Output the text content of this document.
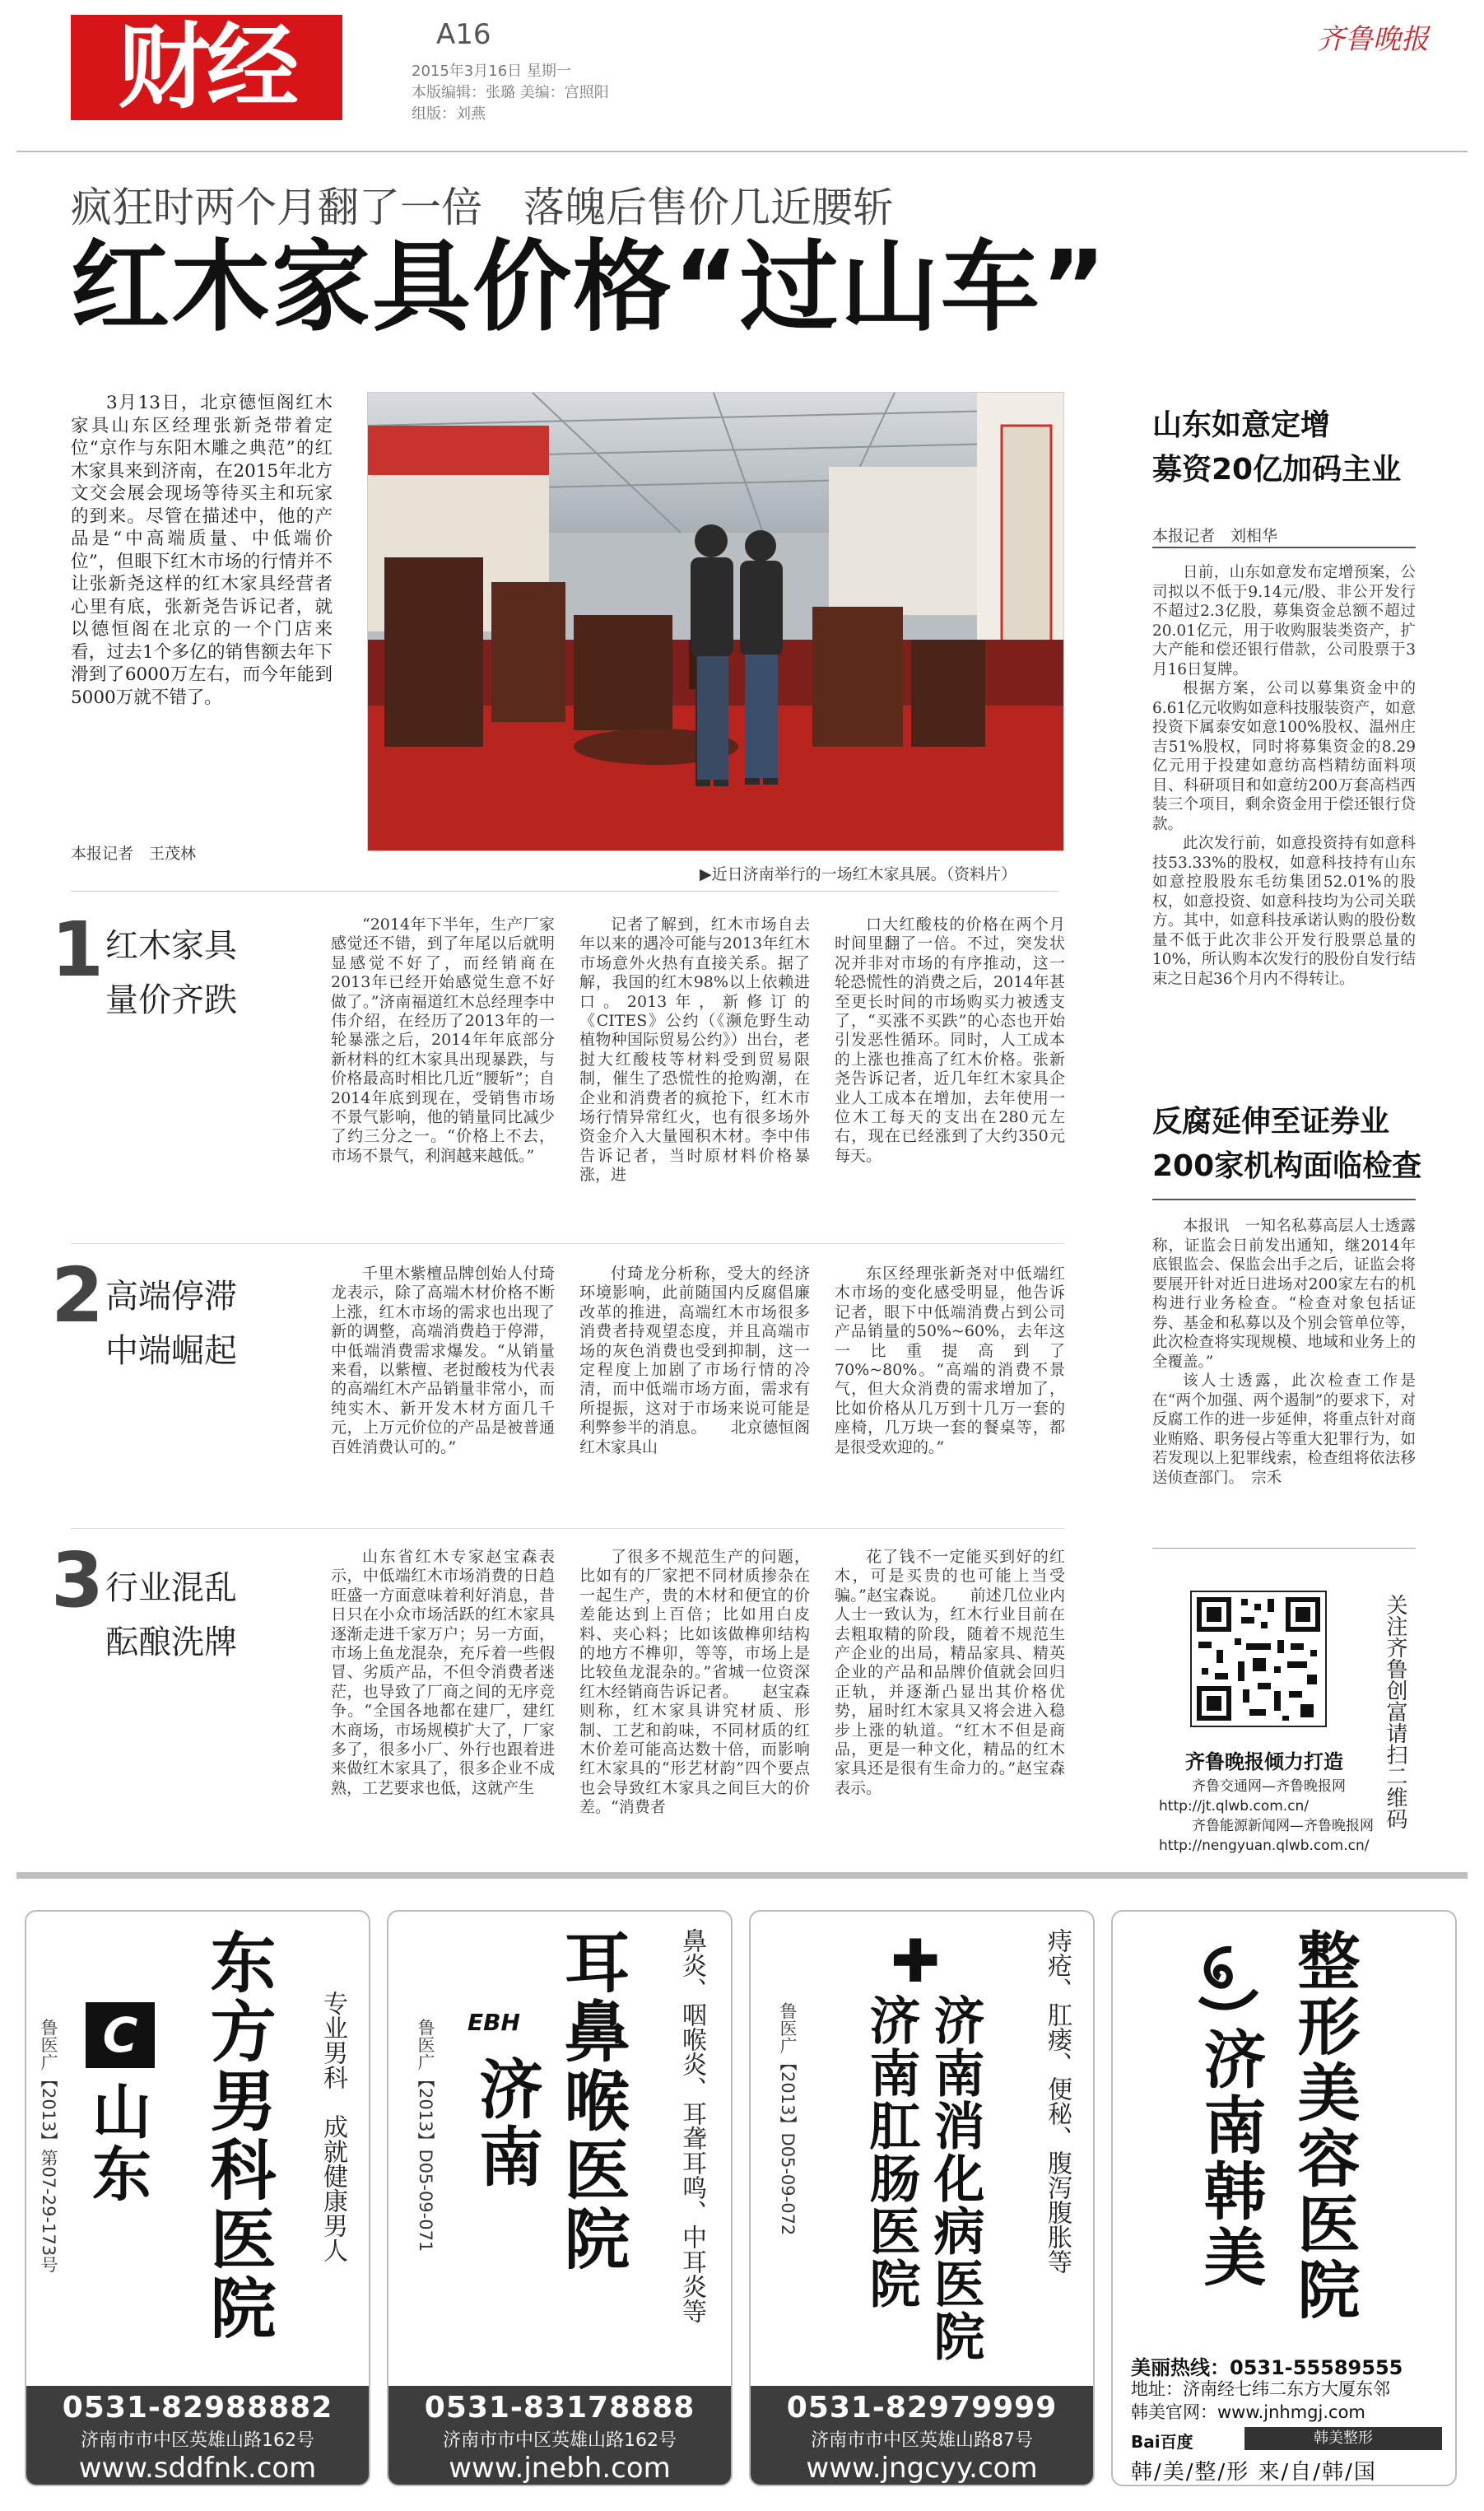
财经	A16
2015年3月16日 星期一
本版编辑：张璐 美编：宫照阳
组版：刘燕
齐鲁晚报
疯狂时两个月翻了一倍　落魄后售价几近腰斩
红木家具价格“过山车”
3月13日，北京德恒阁红木家具山东区经理张新尧带着定位“京作与东阳木雕之典范”的红木家具来到济南，在2015年北方文交会展会现场等待买主和玩家的到来。尽管在描述中，他的产品是“中高端质量、中低端价位”，但眼下红木市场的行情并不让张新尧这样的红木家具经营者心里有底，张新尧告诉记者，就以德恒阁在北京的一个门店来看，过去1个多亿的销售额去年下滑到了6000万左右，而今年能到5000万就不错了。
本报记者　王茂林
▶近日济南举行的一场红木家具展。（资料片）
1 红木家具
量价齐跌

“2014年下半年，生产厂家感觉还不错，到了年尾以后就明显感觉不好了，而经销商在2013年已经开始感觉生意不好做了。”济南福道红木总经理李中伟介绍，在经历了2013年的一轮暴涨之后，2014年年底部分新材料的红木家具出现暴跌，与价格最高时相比几近“腰斩”；自2014年底到现在，受销售市场不景气影响，他的销量同比减少了约三分之一。“价格上不去，市场不景气，利润越来越低。”

记者了解到，红木市场自去年以来的遇冷可能与2013年红木市场意外火热有直接关系。据了解，我国的红木98%以上依赖进口。2013年，新修订的《CITES》公约（《濒危野生动植物种国际贸易公约》）出台，老挝大红酸枝等材料受到贸易限制，催生了恐慌性的抢购潮，在企业和消费者的疯抢下，红木市场行情异常红火，也有很多场外资金介入大量囤积木材。李中伟告诉记者，当时原材料价格暴涨，进

口大红酸枝的价格在两个月时间里翻了一倍。不过，突发状况并非对市场的有序推动，这一轮恐慌性的消费之后，2014年甚至更长时间的市场购买力被透支了，“买涨不买跌”的心态也开始引发恶性循环。同时，人工成本的上涨也推高了红木价格。张新尧告诉记者，近几年红木家具企业人工成本在增加，去年使用一位木工每天的支出在280元左右，现在已经涨到了大约350元每天。

2 高端停滞
中端崛起

千里木紫檀品牌创始人付琦龙表示，除了高端木材价格不断上涨，红木市场的需求也出现了新的调整，高端消费趋于停滞，中低端消费需求爆发。“从销量来看，以紫檀、老挝酸枝为代表的高端红木产品销量非常小，而纯实木、新开发木材方面几千元，上万元价位的产品是被普通百姓消费认可的。”

付琦龙分析称，受大的经济环境影响，此前随国内反腐倡廉改革的推进，高端红木市场很多消费者持观望态度，并且高端市场的灰色消费也受到抑制，这一定程度上加剧了市场行情的冷清，而中低端市场方面，需求有所提振，这对于市场来说可能是利弊参半的消息。　　北京德恒阁红木家具山

东区经理张新尧对中低端红木市场的变化感受明显，他告诉记者，眼下中低端消费占到公司产品销量的50%~60%，去年这一比重提高到了70%~80%。“高端的消费不景气，但大众消费的需求增加了，比如价格从几万到十几万一套的座椅，几万块一套的餐桌等，都是很受欢迎的。”

3 行业混乱
酝酿洗牌

山东省红木专家赵宝森表示，中低端红木市场消费的日趋旺盛一方面意味着利好消息，昔日只在小众市场活跃的红木家具逐渐走进千家万户；另一方面，市场上鱼龙混杂，充斥着一些假冒、劣质产品，不但令消费者迷茫，也导致了厂商之间的无序竞争。“全国各地都在建厂，建红木商场，市场规模扩大了，厂家多了，很多小厂、外行也跟着进来做红木家具了，很多企业不成熟，工艺要求也低，这就产生

了很多不规范生产的问题，比如有的厂家把不同材质掺杂在一起生产，贵的木材和便宜的价差能达到上百倍；比如用白皮料、夹心料；比如该做榫卯结构的地方不榫卯，等等，市场上是比较鱼龙混杂的。”省城一位资深红木经销商告诉记者。　　赵宝森则称，红木家具讲究材质、形制、工艺和韵味，不同材质的红木价差可能高达数十倍，而影响红木家具的“形艺材韵”四个要点也会导致红木家具之间巨大的价差。“消费者

花了钱不一定能买到好的红木，可是买贵的也可能上当受骗。”赵宝森说。　　前述几位业内人士一致认为，红木行业目前在去粗取精的阶段，随着不规范生产企业的出局，精品家具、精英企业的产品和品牌价值就会回归正轨，并逐渐凸显出其价格优势，届时红木家具又将会进入稳步上涨的轨道。“红木不但是商品，更是一种文化，精品的红木家具还是很有生命力的。”赵宝森表示。

山东如意定增
募资20亿加码主业
本报记者　刘相华

日前，山东如意发布定增预案，公司拟以不低于9.14元/股、非公开发行不超过2.3亿股，募集资金总额不超过20.01亿元，用于收购服装类资产，扩大产能和偿还银行借款，公司股票于3月16日复牌。

根据方案，公司以募集资金中的6.61亿元收购如意科技服装资产，如意投资下属泰安如意100%股权、温州庄吉51%股权，同时将募集资金的8.29亿元用于投建如意纺高档精纺面料项目、科研项目和如意纺200万套高档西装三个项目，剩余资金用于偿还银行贷款。

此次发行前，如意投资持有如意科技53.33%的股权，如意科技持有山东如意控股股东毛纺集团52.01%的股权，如意投资、如意科技均为公司关联方。其中，如意科技承诺认购的股份数量不低于此次非公开发行股票总量的10%，所认购本次发行的股份自发行结束之日起36个月内不得转让。

反腐延伸至证券业
200家机构面临检查

本报讯　一知名私募高层人士透露称，证监会日前发出通知，继2014年底银监会、保监会出手之后，证监会将要展开针对近日进场对200家左右的机构进行业务检查。“检查对象包括证券、基金和私募以及个别会管单位等，此次检查将实现规模、地域和业务上的全覆盖。”

该人士透露，此次检查工作是在“两个加强、两个遏制”的要求下，对反腐工作的进一步延伸，将重点针对商业贿赂、职务侵占等重大犯罪行为，如若发现以上犯罪线索，检查组将依法移送侦查部门。　宗禾

关注齐鲁创富请扫二维码
齐鲁晚报倾力打造
齐鲁交通网—齐鲁晚报网
http://jt.qlwb.com.cn/
齐鲁能源新闻网—齐鲁晚报网
http://nengyuan.qlwb.com.cn/
东方男科医院 专业男科　成就健康男人
C
山东
鲁医广【2013】第07-29-173号
0531-82988882
济南市市中区英雄山路162号
www.sddfnk.com
耳鼻喉医院 鼻炎、咽喉炎、耳聋耳鸣、中耳炎等
EBH
济南
鲁医广【2013】D05-09-071
0531-83178888
济南市市中区英雄山路162号
www.jnebh.com
✚
济南消化病医院
济南肛肠医院	痔疮、肛瘘、便秘、腹泻腹胀等
鲁医广【2013】D05-09-072
0531-82979999
济南市市中区英雄山路87号
www.jngcyy.com
整形美容医院
济南韩美
美丽热线：0531-55589555
地址：济南经七纬二东方大厦东邻
韩美官网：www.jnhmgj.com
Bai百度	韩美整形
韩/美/整/形 来/自/韩/国
